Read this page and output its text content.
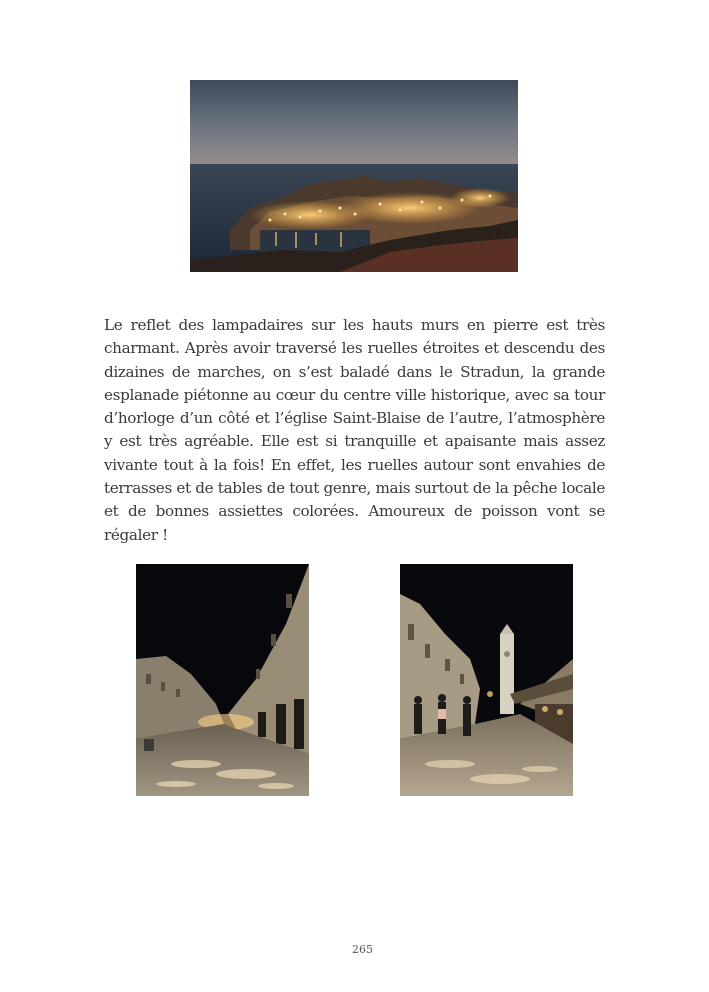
Le reflet des lampadaires sur les hauts murs en pierre est très charmant. Après avoir traversé les ruelles étroites et descendu des dizaines de marches, on s’est baladé dans le Stradun, la grande esplanade piétonne au cœur du centre ville historique, avec sa tour d’horloge d’un côté et l’église Saint-Blaise de l’autre, l’atmosphère y est très agréable. Elle est si tranquille et apaisante mais assez vivante tout à la fois! En effet, les ruelles autour sont envahies de terrasses et de tables de tout genre, mais surtout de la pêche locale et de bonnes assiettes colorées. Amoureux de poisson vont se régaler !

265
